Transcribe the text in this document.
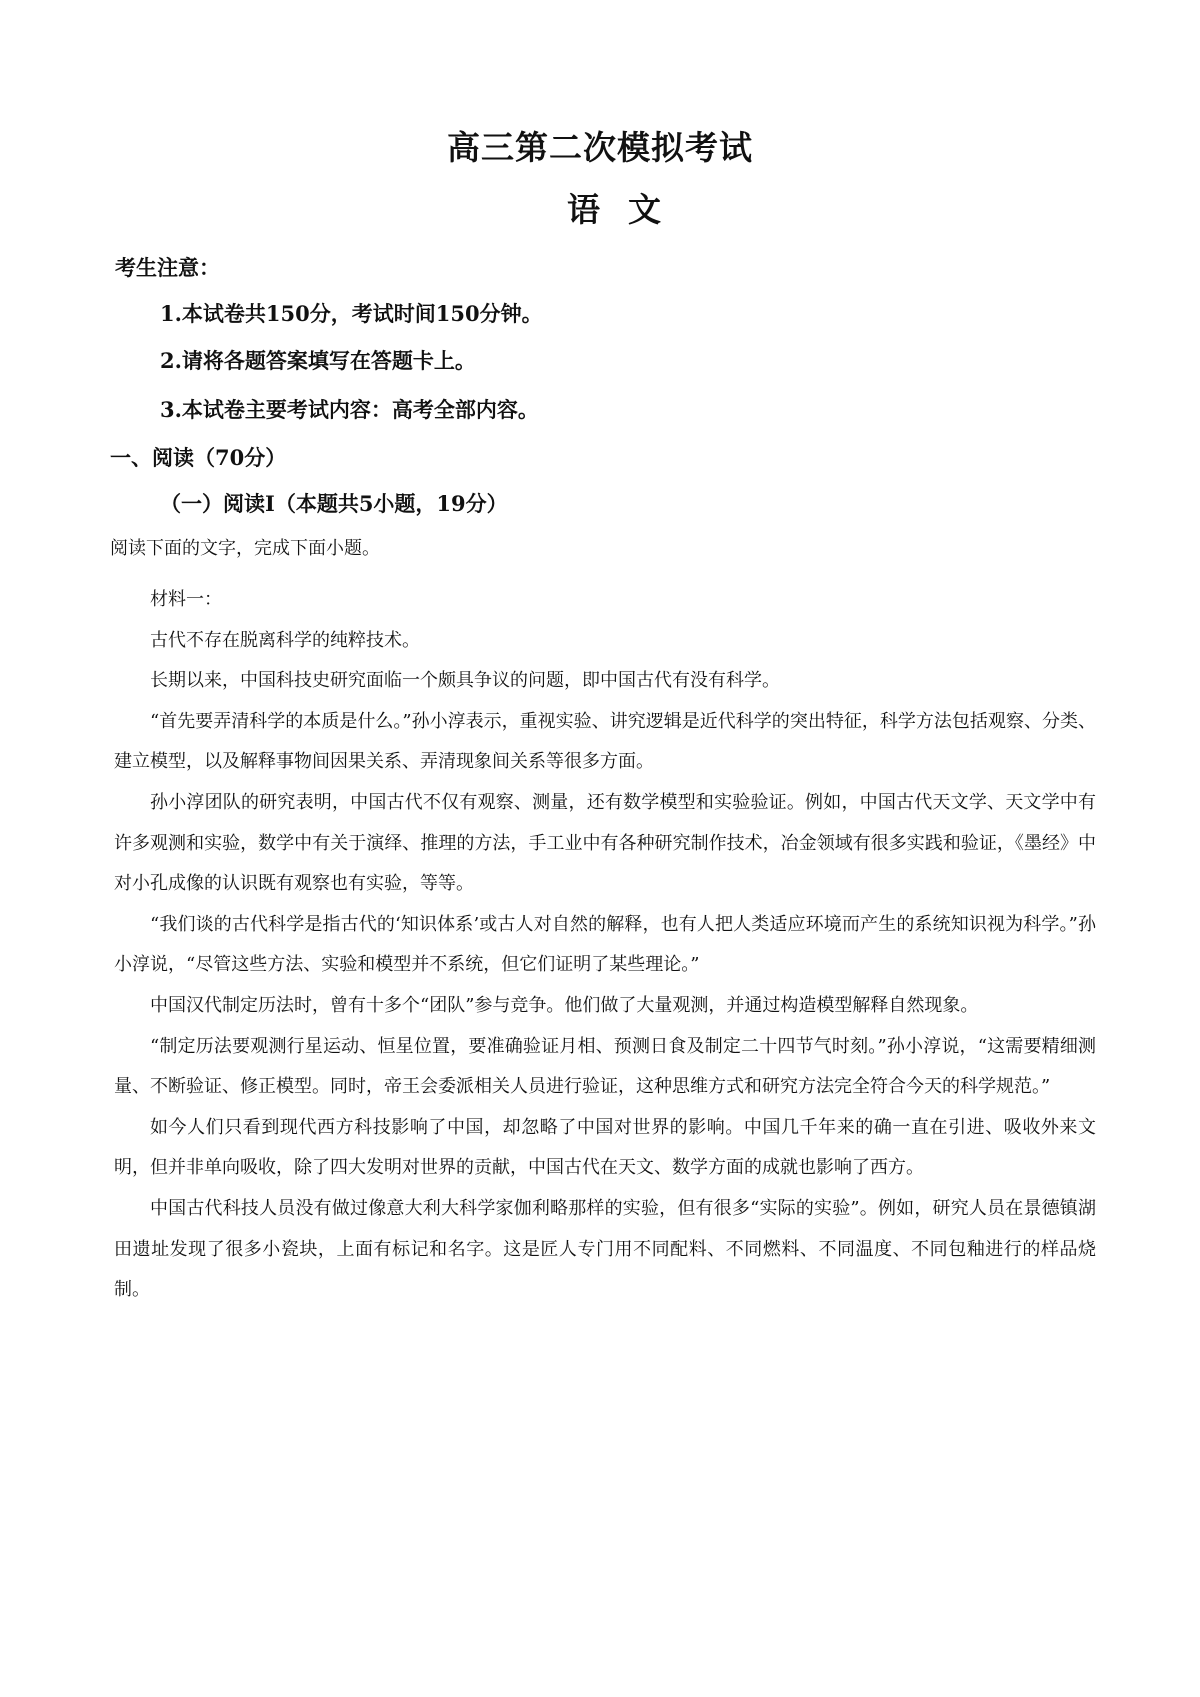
高三第二次模拟考试
语文
考生注意：
1.本试卷共150分，考试时间150分钟。
2.请将各题答案填写在答题卡上。
3.本试卷主要考试内容：高考全部内容。
一、阅读（70分）
（一）阅读Ⅰ（本题共5小题，19分）
阅读下面的文字，完成下面小题。

材料一：

古代不存在脱离科学的纯粹技术。

长期以来，中国科技史研究面临一个颇具争议的问题，即中国古代有没有科学。

“首先要弄清科学的本质是什么。”孙小淳表示，重视实验、讲究逻辑是近代科学的突出特征，科学方法包括观察、分类、建立模型，以及解释事物间因果关系、弄清现象间关系等很多方面。

孙小淳团队的研究表明，中国古代不仅有观察、测量，还有数学模型和实验验证。例如，中国古代天文学、天文学中有许多观测和实验，数学中有关于演绎、推理的方法，手工业中有各种研究制作技术，冶金领域有很多实践和验证，《墨经》中对小孔成像的认识既有观察也有实验，等等。

“我们谈的古代科学是指古代的‘知识体系’或古人对自然的解释，也有人把人类适应环境而产生的系统知识视为科学。”孙小淳说，“尽管这些方法、实验和模型并不系统，但它们证明了某些理论。”

中国汉代制定历法时，曾有十多个“团队”参与竞争。他们做了大量观测，并通过构造模型解释自然现象。

“制定历法要观测行星运动、恒星位置，要准确验证月相、预测日食及制定二十四节气时刻。”孙小淳说，“这需要精细测量、不断验证、修正模型。同时，帝王会委派相关人员进行验证，这种思维方式和研究方法完全符合今天的科学规范。”

如今人们只看到现代西方科技影响了中国，却忽略了中国对世界的影响。中国几千年来的确一直在引进、吸收外来文明，但并非单向吸收，除了四大发明对世界的贡献，中国古代在天文、数学方面的成就也影响了西方。

中国古代科技人员没有做过像意大利大科学家伽利略那样的实验，但有很多“实际的实验”。例如，研究人员在景德镇湖田遗址发现了很多小瓷块，上面有标记和名字。这是匠人专门用不同配料、不同燃料、不同温度、不同包釉进行的样品烧制。
